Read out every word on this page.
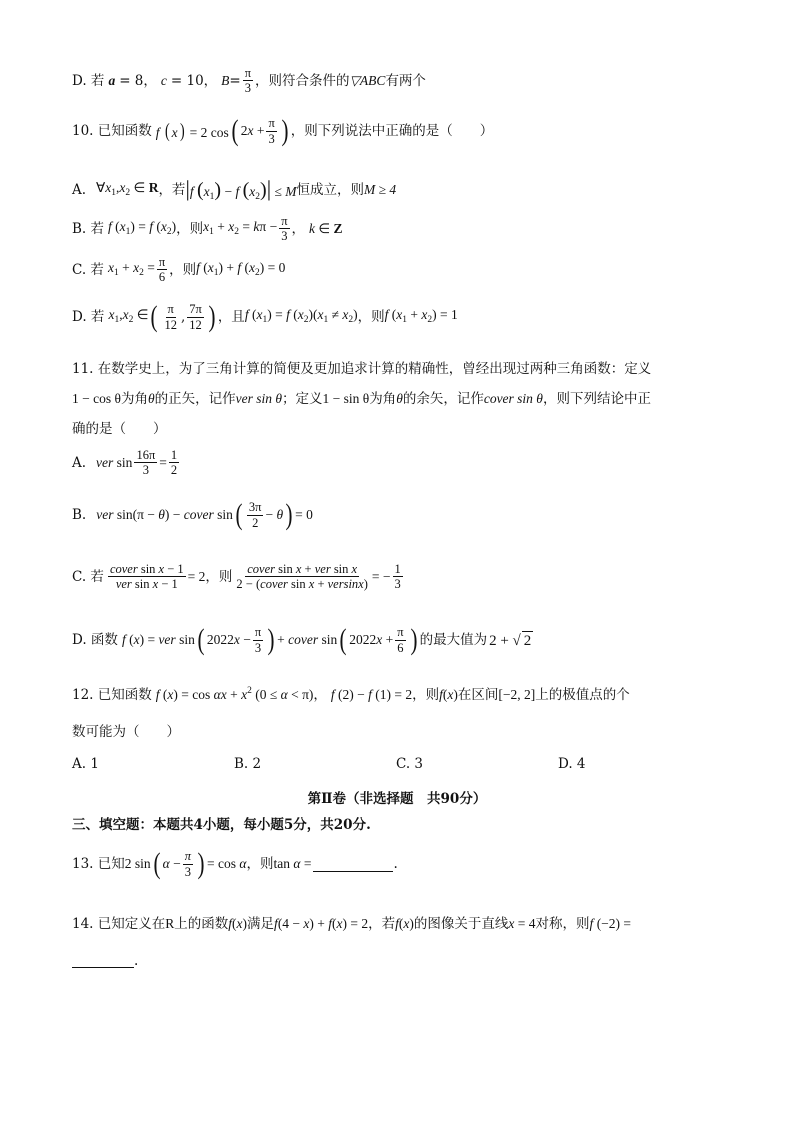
D. 若 a = 8， c = 10， $B = \frac{\pi}{3}$ ，则符合条件的 ▽ABC 有两个
10. 已知函数 f ( x ) = 2 cos ( $2x + \frac{\pi}{3}$ ) ，则下列说法中正确的是（　　）
A. $\forall x_1,x_2$ ∈ R ，若 |f $(x_1) - f$ $(x_2)| \le M$ 恒成立，则 M ≥ 4
B. 若 f $(x_1) = f$ $(x_2)$ ，则 $x_1 + x_2 = k\pi - \frac{\pi}{3}$ ， k ∈ Z
C. 若 $x_1 + x_2 = \frac{\pi}{6}$ ，则 f $(x_1) + f$ $(x_2) = 0$
D. 若 $x_1,x_2$ ∈ ( $\frac{\pi}{12}$ , $\frac{7\pi}{12}$ ) ，且 f $(x_1) = f$ $(x_2)(x_1 \ne x_2)$ ，则 f $(x_1 + x_2) = 1$
11. 在数学史上，为了三角计算的简便及更加追求计算的精确性，曾经出现过两种三角函数：定义
1 − cos θ 为角 θ 的正矢，记作 ver sin θ ；定义 1 − sin θ 为角 θ 的余矢，记作 cover sin θ ，则下列结论中正
确的是（　　）
A. ver $\sin \frac{16\pi}{3} = \frac{1}{2}$
B. ver sin(π − θ) − cover sin ( $\frac{3\pi}{2} - \theta$ ) = 0
C. 若 $\frac{\text{cover sin x − 1}}{\text{ver sin x − 1}} = 2$ ，则 $\frac{\text{cover sin x + ver sin x}}{\text{2 − (cover sin x + versinx)}}$ = − $\frac{1}{3}$
D. 函数 f (x) = ver sin ( $2022x - \frac{\pi}{3}$ ) + cover sin ( $2022x + \frac{\pi}{6}$ ) 的最大值为 2 + √ 2
12. 已知函数 f $(x) = \cos \alpha x + x^2$ (0 ≤ α < π) ， f (2) − f (1) = 2 ，则 f(x) 在区间 [−2, 2] 上的极值点的个
数可能为（　　）
A. 1	B. 2	C. 3	D. 4
第Ⅱ卷（非选择题　共90分）
三、填空题：本题共4小题，每小题5分，共20分.
13. 已知 2 sin ( $\alpha - \frac{\pi}{3}$ ) = cos α ，则 tan α =	.
14. 已知定义在 R 上的函数 f(x) 满足 f(4 − x) + f(x) = 2 ，若 f(x) 的图像关于直线 x = 4 对称，则 f (−2) =
.
